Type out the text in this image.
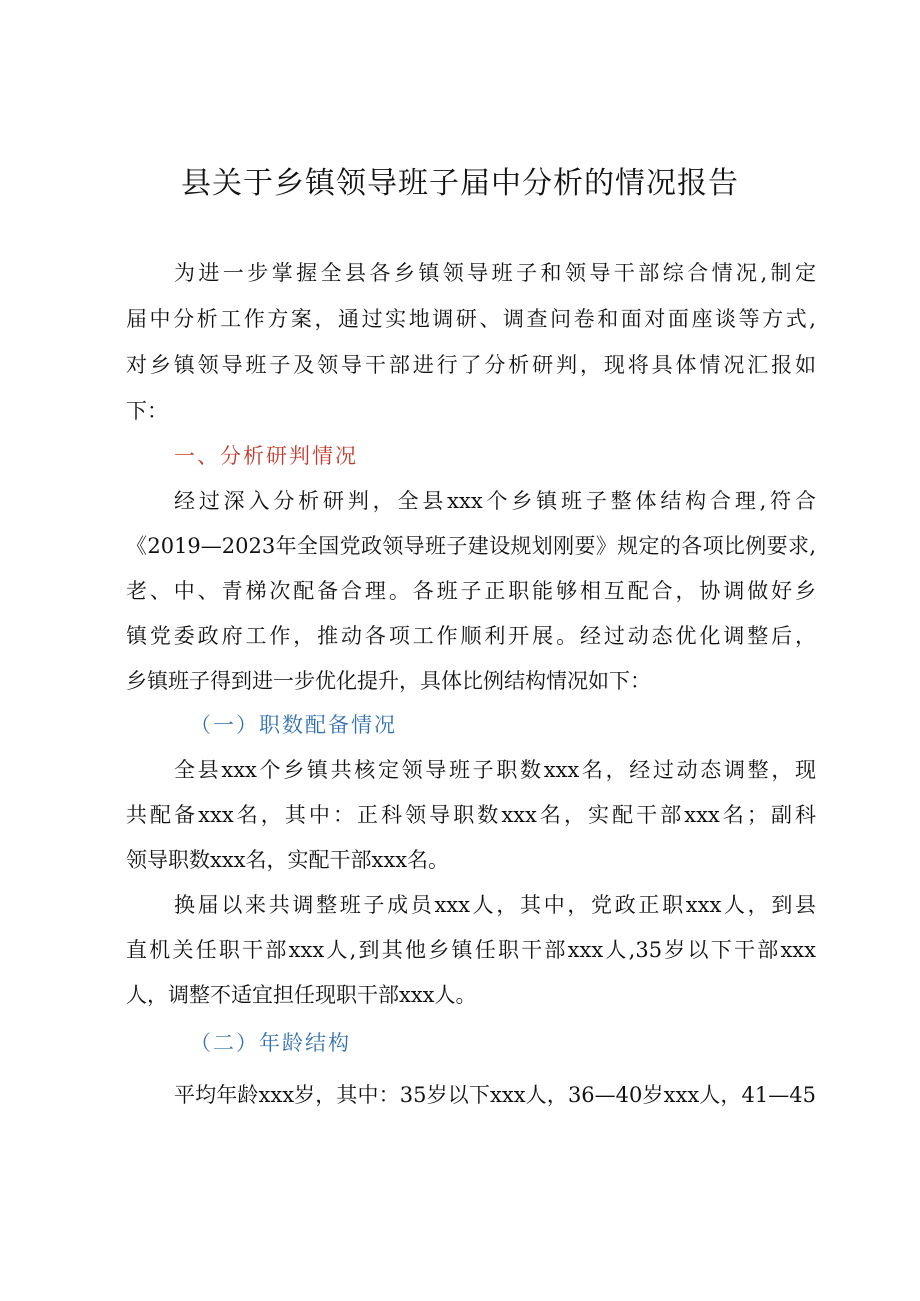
县关于乡镇领导班子届中分析的情况报告
为进一步掌握全县各乡镇领导班子和领导干部综合情况,制定
届中分析工作方案，通过实地调研、调查问卷和面对面座谈等方式,
对乡镇领导班子及领导干部进行了分析研判，现将具体情况汇报如
下：
一、分析研判情况
经过深入分析研判，全县xxx个乡镇班子整体结构合理,符合
《2019—2023年全国党政领导班子建设规划刚要》规定的各项比例要求,
老、中、青梯次配备合理。各班子正职能够相互配合，协调做好乡
镇党委政府工作，推动各项工作顺利开展。经过动态优化调整后，
乡镇班子得到进一步优化提升，具体比例结构情况如下：
（一）职数配备情况
全县xxx个乡镇共核定领导班子职数xxx名，经过动态调整，现
共配备xxx名，其中：正科领导职数xxx名，实配干部xxx名；副科
领导职数xxx名，实配干部xxx名。
换届以来共调整班子成员xxx人，其中，党政正职xxx人，到县
直机关任职干部xxx人,到其他乡镇任职干部xxx人,35岁以下干部xxx
人，调整不适宜担任现职干部xxx人。
（二）年龄结构
平均年龄xxx岁，其中：35岁以下xxx人，36—40岁xxx人，41—45
